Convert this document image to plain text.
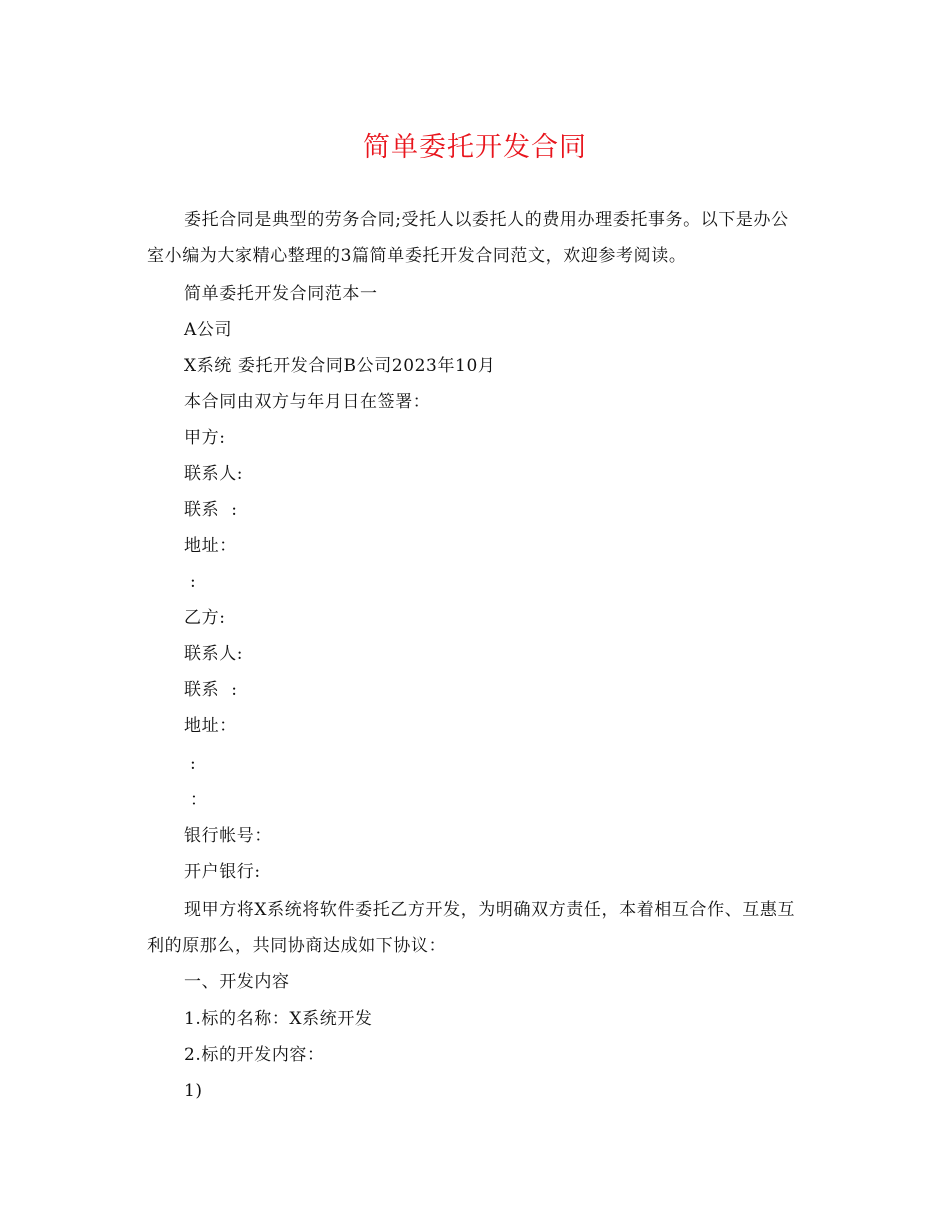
简单委托开发合同

委托合同是典型的劳务合同;受托人以委托人的费用办理委托事务。以下是办公室小编为大家精心整理的3篇简单委托开发合同范文，欢迎参考阅读。

简单委托开发合同范本一

A公司

X系统 委托开发合同B公司2023年10月

本合同由双方与年月日在签署：

甲方:

联系人:

联系  :

地址：

:

乙方:

联系人:

联系  :

地址：

:

：

银行帐号：

开户银行:

现甲方将X系统将软件委托乙方开发，为明确双方责任，本着相互合作、互惠互利的原那么，共同协商达成如下协议：

一、开发内容

1.标的名称：X系统开发

2.标的开发内容：

1)
